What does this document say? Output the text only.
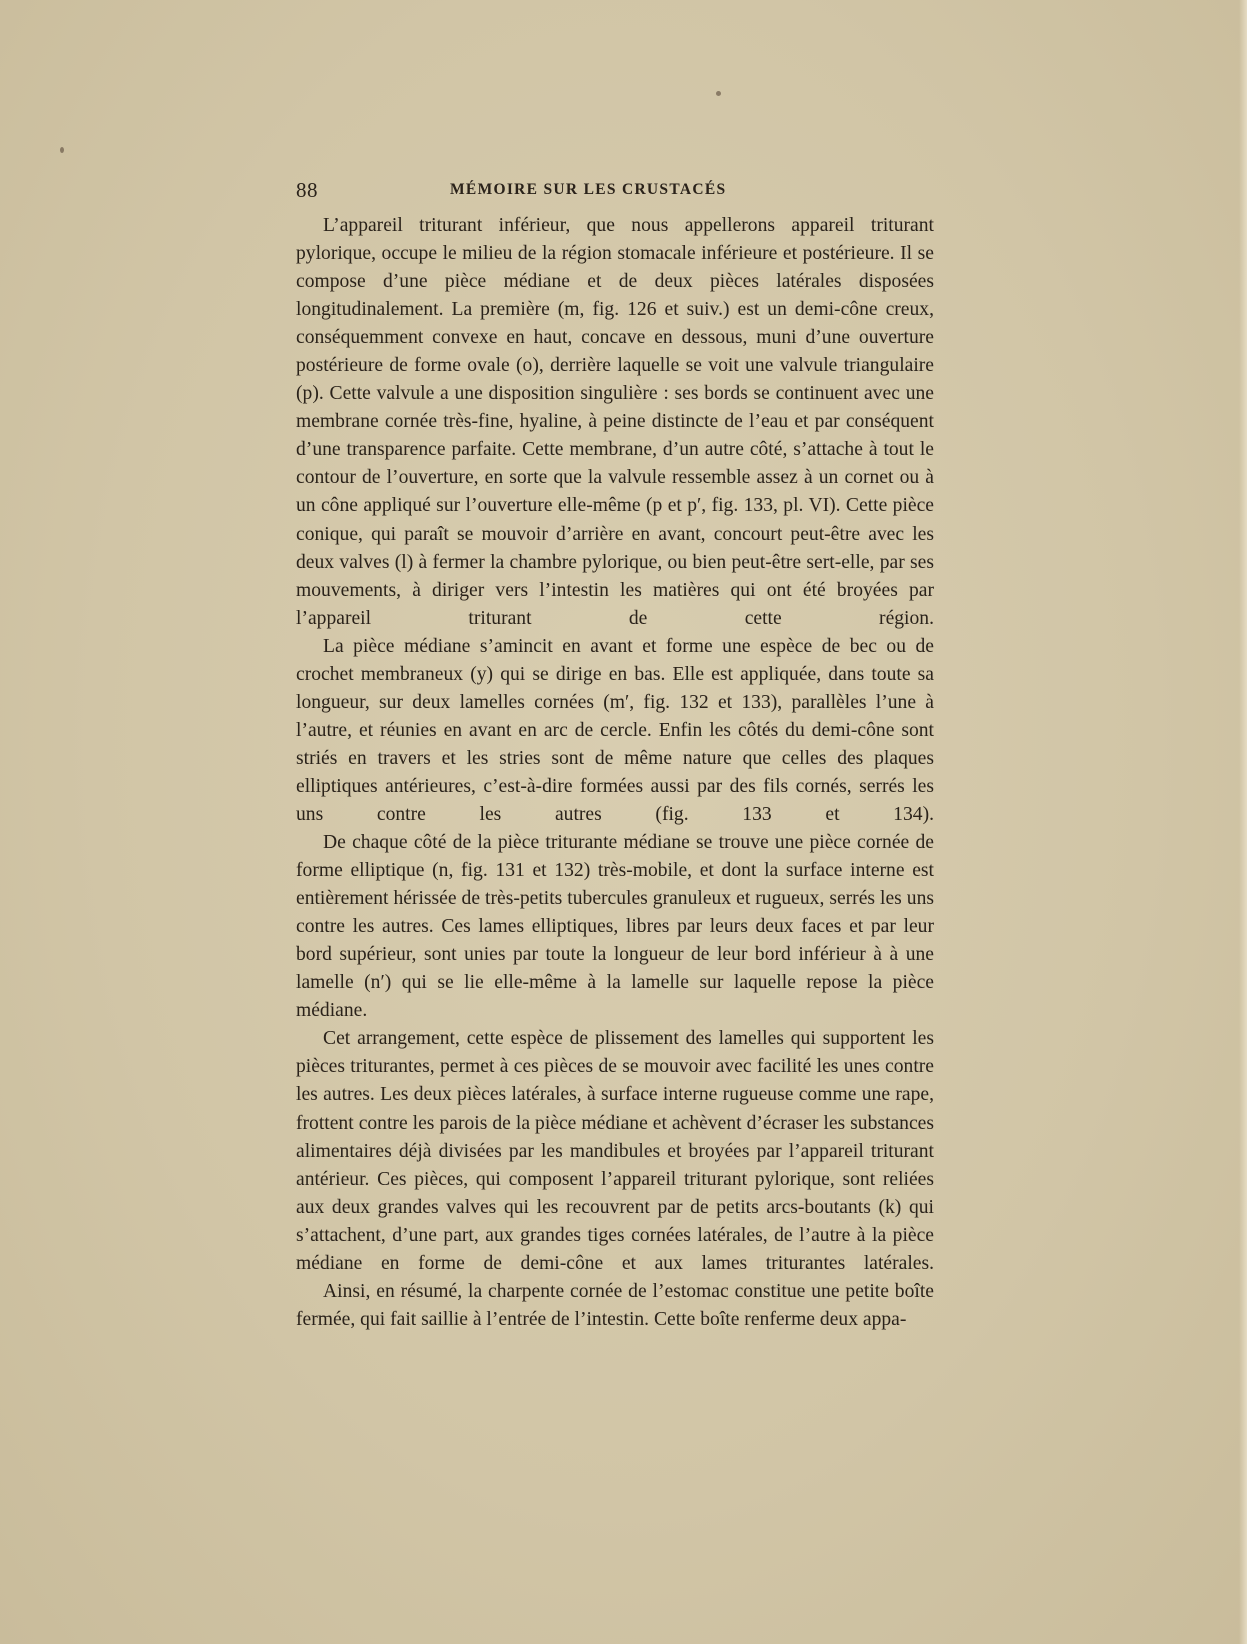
88	MÉMOIRE SUR LES CRUSTACÉS

L’appareil triturant inférieur, que nous appellerons appareil triturant pylorique, occupe le milieu de la région stomacale inférieure et postérieure. Il se compose d’une pièce médiane et de deux pièces latérales disposées longitudinalement. La première (m, fig. 126 et suiv.) est un demi-cône creux, conséquemment convexe en haut, concave en dessous, muni d’une ouverture postérieure de forme ovale (o), derrière laquelle se voit une valvule triangulaire (p). Cette valvule a une disposition singulière : ses bords se continuent avec une membrane cornée très-fine, hyaline, à peine distincte de l’eau et par conséquent d’une transparence parfaite. Cette membrane, d’un autre côté, s’attache à tout le contour de l’ouverture, en sorte que la valvule ressemble assez à un cornet ou à un cône appliqué sur l’ouverture elle-même (p et p′, fig. 133, pl. VI). Cette pièce conique, qui paraît se mouvoir d’arrière en avant, concourt peut-être avec les deux valves (l) à fermer la chambre pylorique, ou bien peut-être sert-elle, par ses mouvements, à diriger vers l’intestin les matières qui ont été broyées par l’appareil triturant de cette région.

La pièce médiane s’amincit en avant et forme une espèce de bec ou de crochet membraneux (y) qui se dirige en bas. Elle est appliquée, dans toute sa longueur, sur deux lamelles cornées (m′, fig. 132 et 133), parallèles l’une à l’autre, et réunies en avant en arc de cercle. Enfin les côtés du demi-cône sont striés en travers et les stries sont de même nature que celles des plaques elliptiques antérieures, c’est-à-dire formées aussi par des fils cornés, serrés les uns contre les autres (fig. 133 et 134).

De chaque côté de la pièce triturante médiane se trouve une pièce cornée de forme elliptique (n, fig. 131 et 132) très-mobile, et dont la surface interne est entièrement hérissée de très-petits tubercules granuleux et rugueux, serrés les uns contre les autres. Ces lames elliptiques, libres par leurs deux faces et par leur bord supérieur, sont unies par toute la longueur de leur bord inférieur à à une lamelle (n′) qui se lie elle-même à la lamelle sur laquelle repose la pièce médiane.

Cet arrangement, cette espèce de plissement des lamelles qui supportent les pièces triturantes, permet à ces pièces de se mouvoir avec facilité les unes contre les autres. Les deux pièces latérales, à surface interne rugueuse comme une rape, frottent contre les parois de la pièce médiane et achèvent d’écraser les substances alimentaires déjà divisées par les mandibules et broyées par l’appareil triturant antérieur. Ces pièces, qui composent l’appareil triturant pylorique, sont reliées aux deux grandes valves qui les recouvrent par de petits arcs-boutants (k) qui s’attachent, d’une part, aux grandes tiges cornées latérales, de l’autre à la pièce médiane en forme de demi-cône et aux lames triturantes latérales.

Ainsi, en résumé, la charpente cornée de l’estomac constitue une petite boîte fermée, qui fait saillie à l’entrée de l’intestin. Cette boîte renferme deux appa-
